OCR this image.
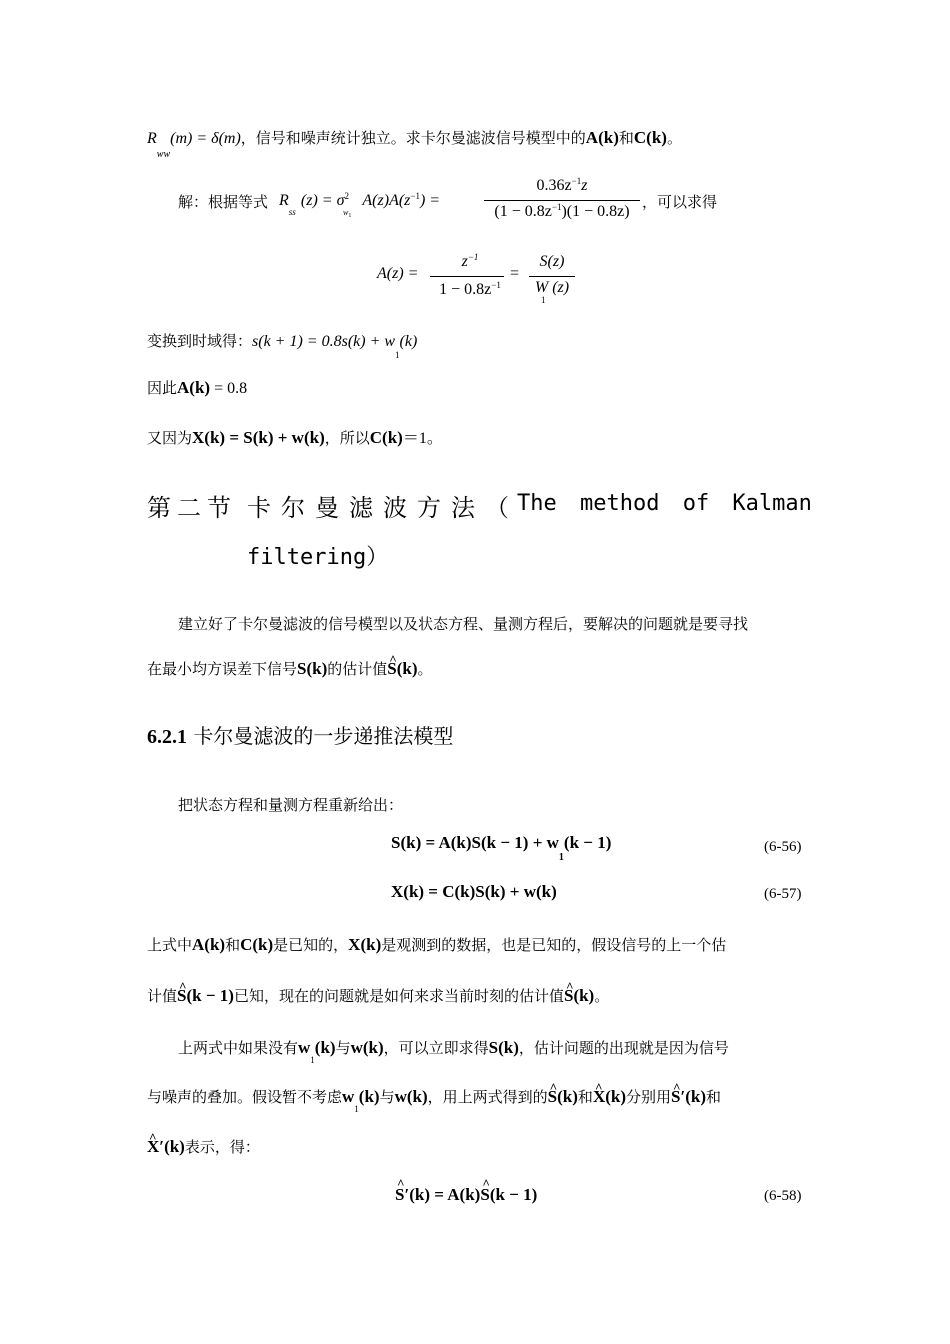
$R_{ww}(m) = \delta(m)$，信号和噪声统计独立。求卡尔曼滤波信号模型中的A(k)和C(k)。
解：根据等式 $R_{ss}$ $(z) = \sigma^2_{w1}$ $A(z)A(z^{-1})$ =
$0.36z^{-1}z$
$(1 - 0.8z^{-1})(1 - 0.8z)$
，可以求得
A(z) =
$z^{-1}$
$1 - 0.8z^{-1}$
=
S(z)
W (z)
1
变换到时域得：$s(k + 1) = 0.8s(k) + w_1(k)$
因此A(k) = 0.8
又因为X(k) = S(k) + w(k)，所以C(k)＝1。
第二节 卡尔曼滤波方法（
The method of Kalman
filtering）
建立好了卡尔曼滤波的信号模型以及状态方程、量测方程后，要解决的问题就是要寻找
在最小均方误差下信号S(k)的估计值^ S(k)。
6.2.1 卡尔曼滤波的一步递推法模型
把状态方程和量测方程重新给出：
$S(k) = A(k)S(k - 1) + w_1(k - 1)$	(6-56)
X(k) = C(k)S(k) + w(k)	(6-57)
上式中A(k)和C(k)是已知的，X(k)是观测到的数据，也是已知的，假设信号的上一个估
计值^ S(k − 1)已知，现在的问题就是如何来求当前时刻的估计值^ S(k)。
上两式中如果没有$w_1(k)$与w(k)，可以立即求得S(k)，估计问题的出现就是因为信号
与噪声的叠加。假设暂不考虑$w_1(k)$与w(k)，用上两式得到的^ S(k)和^ X(k)分别用^ S′(k)和
^ X′(k)表示，得：
^ S′(k) = A(k)^ S(k − 1)	(6-58)
